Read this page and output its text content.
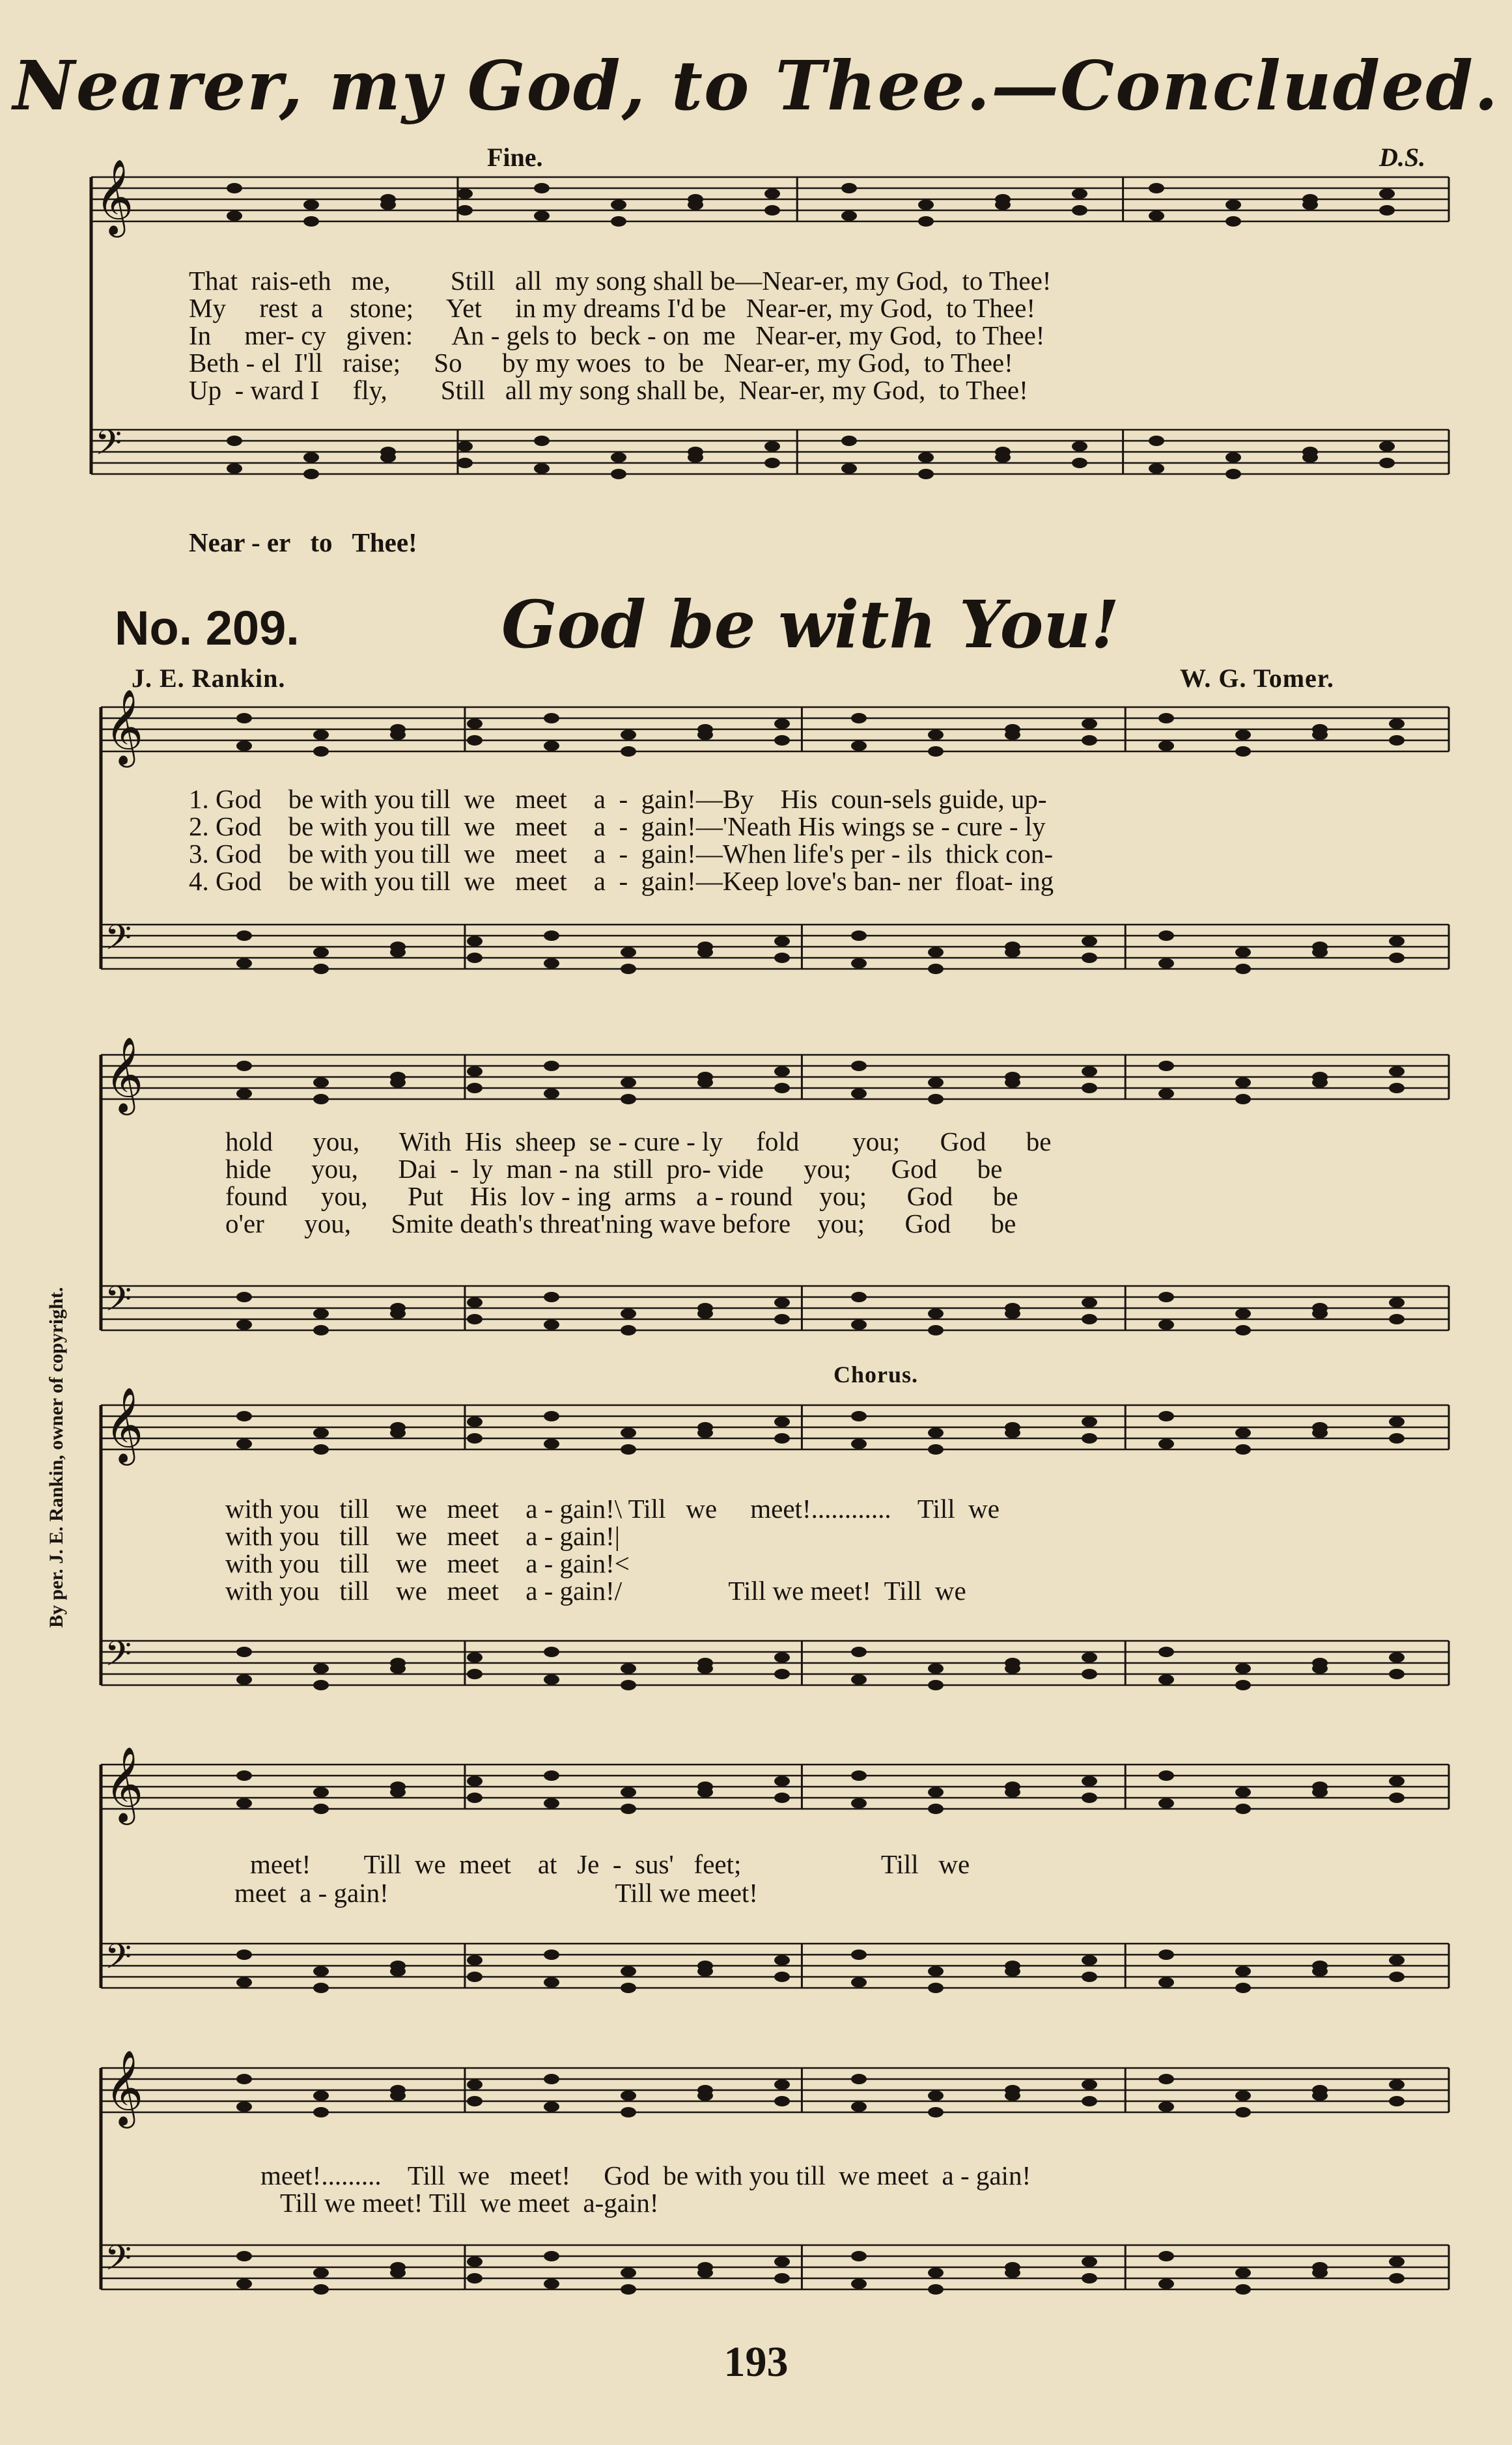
Nearer, my God, to Thee.—Concluded.
𝄞
𝄢
𝄞
𝄢
𝄞
𝄢
𝄞
𝄢
𝄞
𝄢
𝄞
𝄢
Fine.	D.S.
That  rais-eth   me,         Still   all  my song shall be—Near-er, my God,  to Thee!
My     rest  a    stone;     Yet     in my dreams I'd be   Near-er, my God,  to Thee!
In     mer- cy   given:      An - gels to  beck - on  me   Near-er, my God,  to Thee!
Beth - el  I'll   raise;     So      by my woes  to  be   Near-er, my God,  to Thee!
Up  - ward I     fly,        Still   all my song shall be,  Near-er, my God,  to Thee!
Near - er   to   Thee!
No. 209.	God be with You!
J. E. Rankin.	W. G. Tomer.
1. God    be with you till  we   meet    a  -  gain!—By    His  coun-sels guide, up-
2. God    be with you till  we   meet    a  -  gain!—'Neath His wings se - cure - ly
3. God    be with you till  we   meet    a  -  gain!—When life's per - ils  thick con-
4. God    be with you till  we   meet    a  -  gain!—Keep love's ban- ner  float- ing
hold      you,      With  His  sheep  se - cure - ly     fold        you;      God      be
hide      you,      Dai  -  ly  man - na  still  pro- vide      you;      God      be
found     you,      Put    His  lov - ing  arms   a - round    you;      God      be
o'er      you,      Smite death's threat'ning wave before    you;      God      be
Chorus.
with you   till    we   meet    a - gain!\ Till   we     meet!............    Till  we
with you   till    we   meet    a - gain!|
with you   till    we   meet    a - gain!<
with you   till    we   meet    a - gain!/                Till we meet!  Till  we
meet!        Till  we  meet    at   Je  -  sus'   feet;                     Till   we
meet  a - gain!                                  Till we meet!
meet!.........    Till  we   meet!     God  be with you till  we meet  a - gain!
Till we meet! Till  we meet  a-gain!
By per. J. E. Rankin, owner of copyright.
193
